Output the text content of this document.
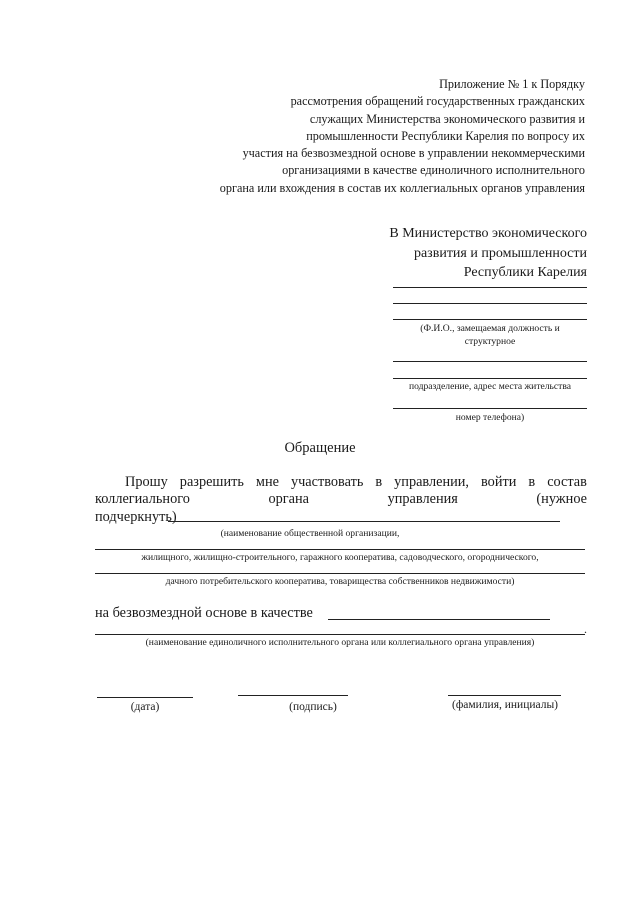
Приложение № 1 к Порядку
рассмотрения обращений государственных гражданских
служащих Министерства экономического развития и
промышленности Республики Карелия по вопросу их
участия на безвозмездной основе в управлении некоммерческими
организациями в качестве единоличного исполнительного
органа или вхождения в состав их коллегиальных органов управления
В Министерство экономического
развития и промышленности
Республики Карелия
(Ф.И.О., замещаемая должность и
структурное
подразделение, адрес места жительства
номер телефона)
Обращение
Прошу разрешить мне участвовать в управлении, войти в состав
коллегиального	органа	управления	(нужное
подчеркнуть)
(наименование общественной организации,
жилищного, жилищно-строительного, гаражного кооператива, садоводческого, огороднического,
дачного потребительского кооператива, товарищества собственников недвижимости)
на безвозмездной основе в качестве
.
(наименование единоличного исполнительного органа или коллегиального органа управления)
(дата)	(подпись)	(фамилия, инициалы)
